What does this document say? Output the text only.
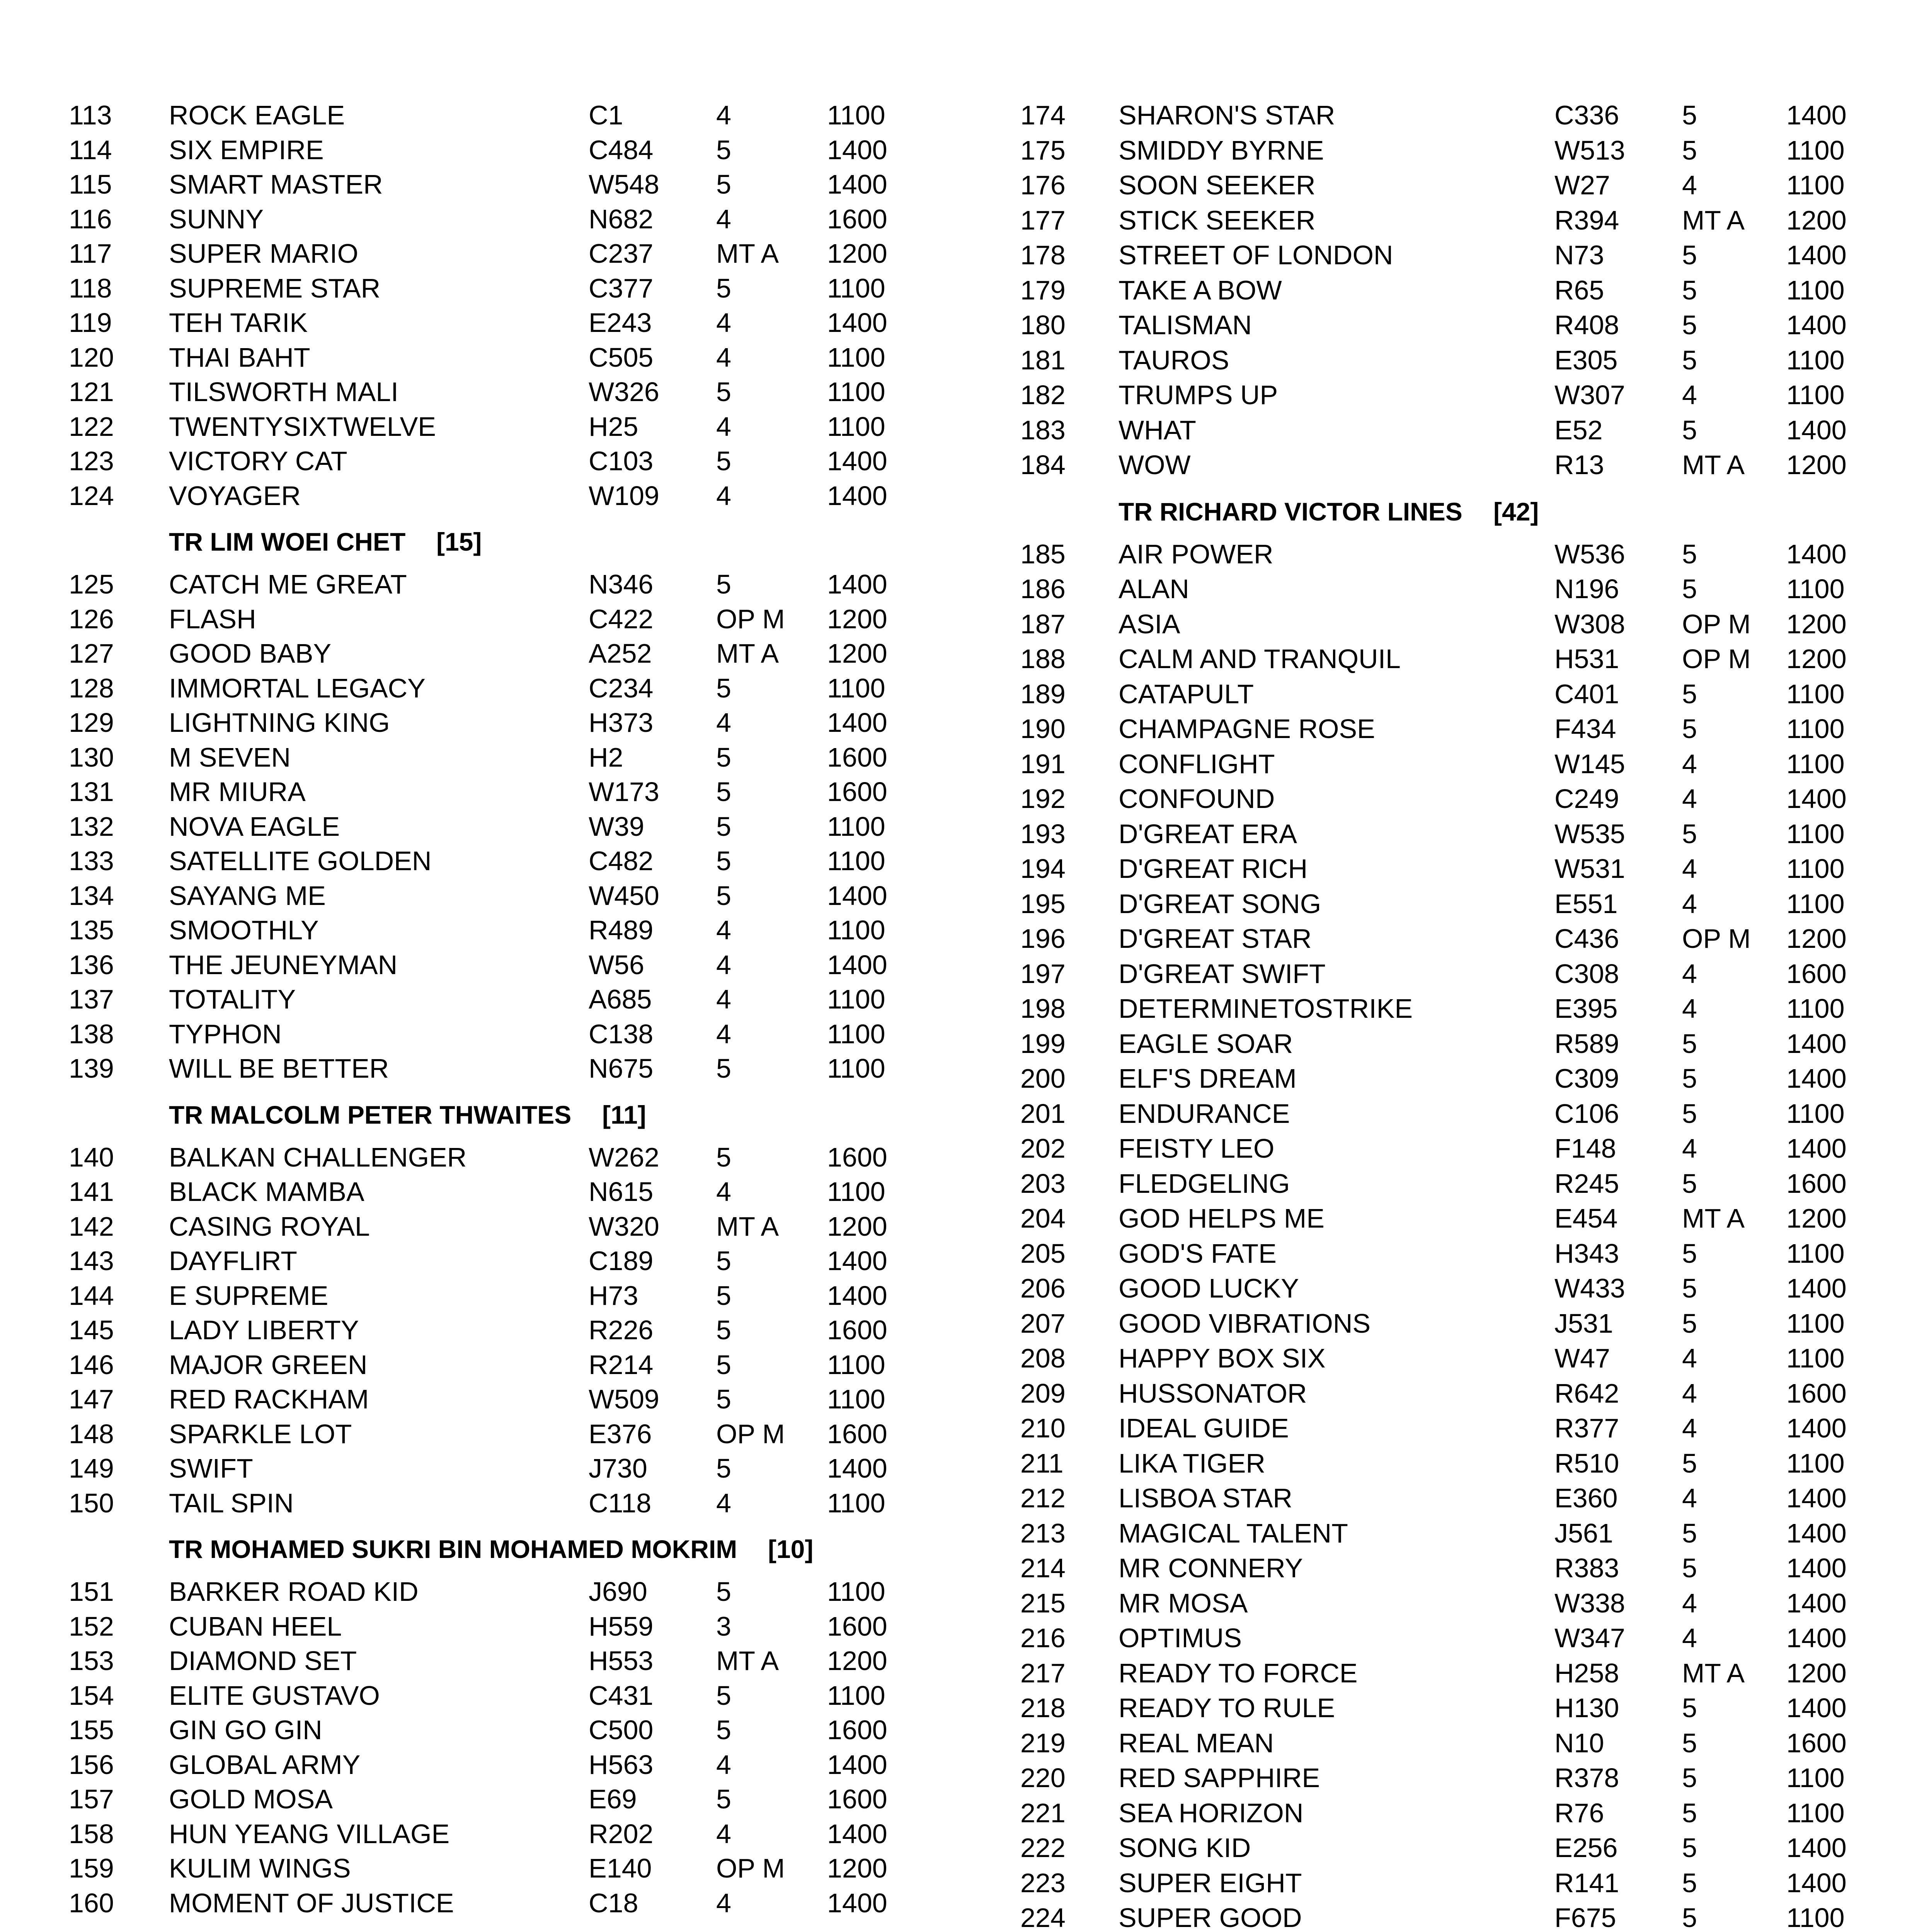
113 ROCK EAGLE	C1	4	1100
114 SIX EMPIRE	C484 5	1400
115 SMART MASTER	W548 5	1400
116 SUNNY	N682 4	1600
117 SUPER MARIO	C237 MT A 1200
118 SUPREME STAR	C377 5	1100
119 TEH TARIK	E243 4	1400
120 THAI BAHT	C505 4	1100
121 TILSWORTH MALI	W326 5	1100
122 TWENTYSIXTWELVE	H25	4	1100
123 VICTORY CAT	C103 5	1400
124 VOYAGER	W109 4	1400
TR LIM WOEI CHET [15]
125 CATCH ME GREAT	N346 5	1400
126 FLASH	C422 OP M 1200
127 GOOD BABY	A252 MT A 1200
128 IMMORTAL LEGACY	C234 5	1100
129 LIGHTNING KING	H373 4	1400
130 M SEVEN	H2	5	1600
131 MR MIURA	W173 5	1600
132 NOVA EAGLE	W39	5	1100
133 SATELLITE GOLDEN	C482 5	1100
134 SAYANG ME	W450 5	1400
135 SMOOTHLY	R489 4	1100
136 THE JEUNEYMAN	W56	4	1400
137 TOTALITY	A685 4	1100
138 TYPHON	C138 4	1100
139 WILL BE BETTER	N675 5	1100
TR MALCOLM PETER THWAITES [11]
140 BALKAN CHALLENGER	W262 5	1600
141 BLACK MAMBA	N615 4	1100
142 CASING ROYAL	W320 MT A 1200
143 DAYFLIRT	C189 5	1400
144 E SUPREME	H73	5	1400
145 LADY LIBERTY	R226 5	1600
146 MAJOR GREEN	R214 5	1100
147 RED RACKHAM	W509 5	1100
148 SPARKLE LOT	E376 OP M 1600
149 SWIFT	J730	5	1400
150 TAIL SPIN	C118 4	1100
TR MOHAMED SUKRI BIN MOHAMED MOKRIM [10]
151 BARKER ROAD KID	J690	5	1100
152 CUBAN HEEL	H559 3	1600
153 DIAMOND SET	H553 MT A 1200
154 ELITE GUSTAVO	C431 5	1100
155 GIN GO GIN	C500 5	1600
156 GLOBAL ARMY	H563 4	1400
157 GOLD MOSA	E69	5	1600
158 HUN YEANG VILLAGE	R202 4	1400
159 KULIM WINGS	E140 OP M 1200
160 MOMENT OF JUSTICE	C18	4	1400
174 SHARON'S STAR	C336 5	1400
175 SMIDDY BYRNE	W513 5	1100
176 SOON SEEKER	W27	4	1100
177 STICK SEEKER	R394 MT A 1200
178 STREET OF LONDON	N73	5	1400
179 TAKE A BOW	R65	5	1100
180 TALISMAN	R408 5	1400
181 TAUROS	E305 5	1100
182 TRUMPS UP	W307 4	1100
183 WHAT	E52	5	1400
184 WOW	R13	MT A 1200
TR RICHARD VICTOR LINES [42]
185 AIR POWER	W536 5	1400
186 ALAN	N196 5	1100
187 ASIA	W308 OP M 1200
188 CALM AND TRANQUIL	H531 OP M 1200
189 CATAPULT	C401 5	1100
190 CHAMPAGNE ROSE	F434 5	1100
191 CONFLIGHT	W145 4	1100
192 CONFOUND	C249 4	1400
193 D'GREAT ERA	W535 5	1100
194 D'GREAT RICH	W531 4	1100
195 D'GREAT SONG	E551 4	1100
196 D'GREAT STAR	C436 OP M 1200
197 D'GREAT SWIFT	C308 4	1600
198 DETERMINETOSTRIKE	E395 4	1100
199 EAGLE SOAR	R589 5	1400
200 ELF'S DREAM	C309 5	1400
201 ENDURANCE	C106 5	1100
202 FEISTY LEO	F148 4	1400
203 FLEDGELING	R245 5	1600
204 GOD HELPS ME	E454 MT A 1200
205 GOD'S FATE	H343 5	1100
206 GOOD LUCKY	W433 5	1400
207 GOOD VIBRATIONS	J531	5	1100
208 HAPPY BOX SIX	W47	4	1100
209 HUSSONATOR	R642 4	1600
210 IDEAL GUIDE	R377 4	1400
211 LIKA TIGER	R510 5	1100
212 LISBOA STAR	E360 4	1400
213 MAGICAL TALENT	J561	5	1400
214 MR CONNERY	R383 5	1400
215 MR MOSA	W338 4	1400
216 OPTIMUS	W347 4	1400
217 READY TO FORCE	H258 MT A 1200
218 READY TO RULE	H130 5	1400
219 REAL MEAN	N10	5	1600
220 RED SAPPHIRE	R378 5	1100
221 SEA HORIZON	R76	5	1100
222 SONG KID	E256 5	1400
223 SUPER EIGHT	R141 5	1400
224 SUPER GOOD	F675 5	1100
